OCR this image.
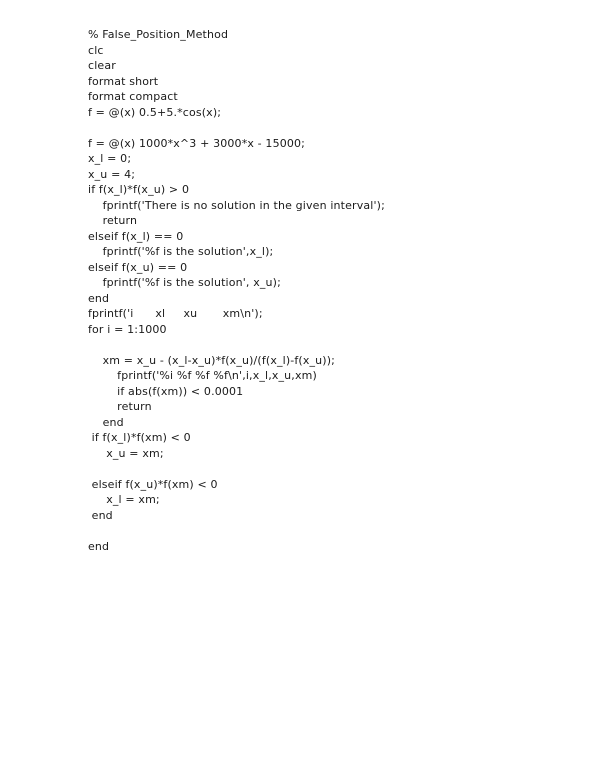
% False_Position_Method
clc
clear
format short
format compact
f = @(x) 0.5+5.*cos(x);
f = @(x) 1000*x^3 + 3000*x - 15000;
x_l = 0;
x_u = 4;
if f(x_l)*f(x_u) > 0
fprintf('There is no solution in the given interval');
return
elseif f(x_l) == 0
fprintf('%f is the solution',x_l);
elseif f(x_u) == 0
fprintf('%f is the solution', x_u);
end
fprintf('i      xl     xu       xm\n');
for i = 1:1000
xm = x_u - (x_l-x_u)*f(x_u)/(f(x_l)-f(x_u));
fprintf('%i %f %f %f\n',i,x_l,x_u,xm)
if abs(f(xm)) < 0.0001
return
end
if f(x_l)*f(xm) < 0
x_u = xm;
elseif f(x_u)*f(xm) < 0
x_l = xm;
end
end
